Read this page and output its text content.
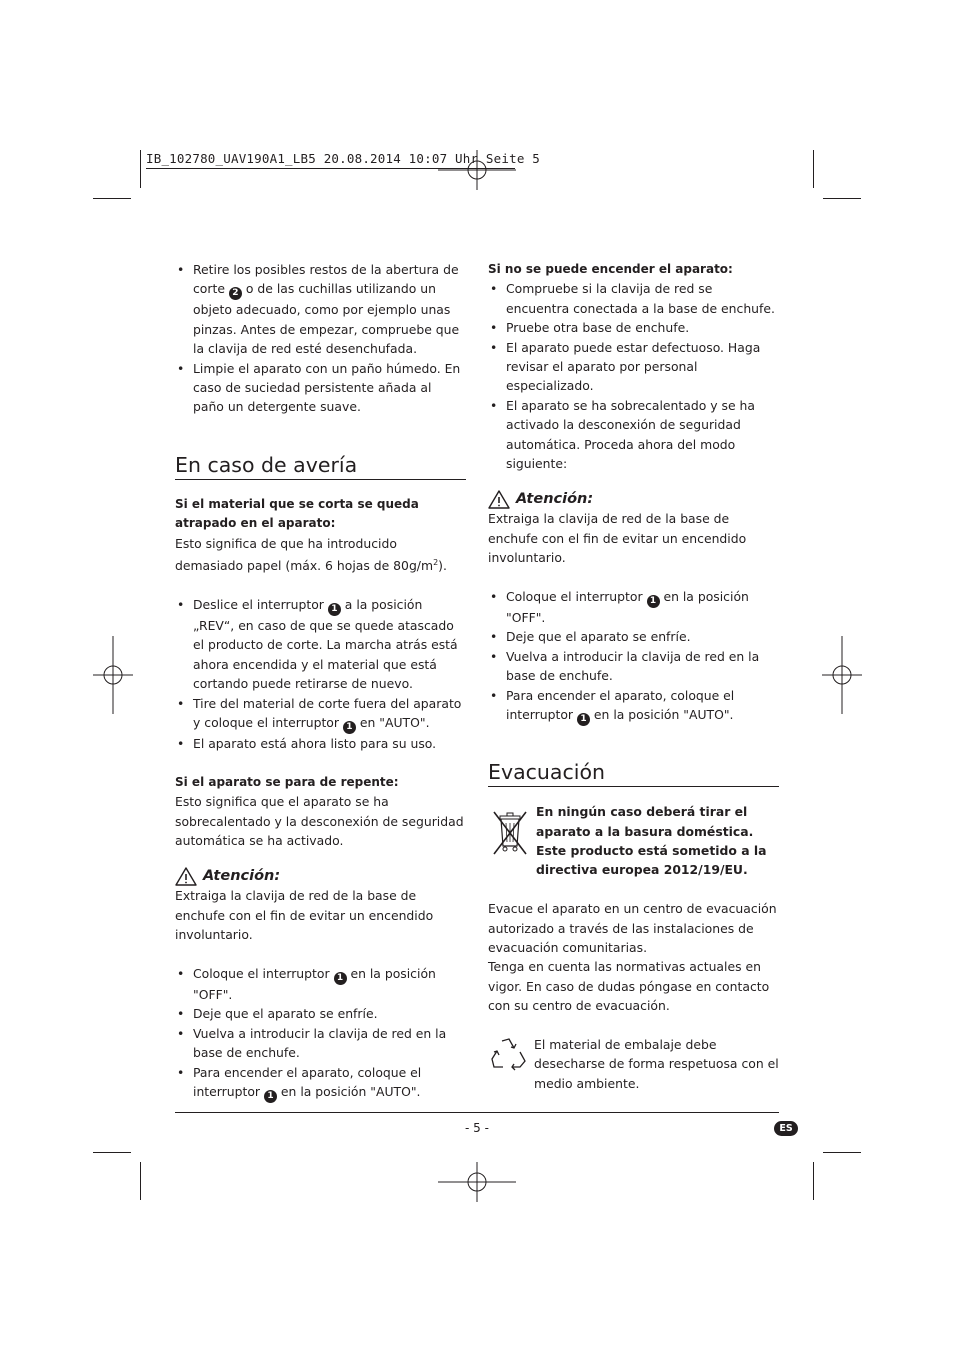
IB_102780_UAV190A1_LB5 20.08.2014 10:07 Uhr Seite 5
• Retire los posibles restos de la abertura de corte 2 o de las cuchillas utilizando un objeto adecuado, como por ejemplo unas pinzas. Antes de empezar, compruebe que la clavija de red esté desenchufada.
• Limpie el aparato con un paño húmedo. En caso de suciedad persistente añada al paño un detergente suave.
En caso de avería

Si el material que se corta se queda atrapado en el aparato:

Esto significa de que ha introducido demasiado papel (máx. 6 hojas de $80g/m^2$).

• Deslice el interruptor 1 a la posición „REV“, en caso de que se quede atascado el producto de corte. La marcha atrás está ahora encendida y el material que está cortando puede retirarse de nuevo.
• Tire del material de corte fuera del aparato y coloque el interruptor 1 en "AUTO".
• El aparato está ahora listo para su uso.

Si el aparato se para de repente:

Esto significa que el aparato se ha sobrecalentado y la desconexión de seguridad automática se ha activado.

Atención:

Extraiga la clavija de red de la base de enchufe con el fin de evitar un encendido involuntario.

• Coloque el interruptor 1 en la posición "OFF".
• Deje que el aparato se enfríe.
• Vuelva a introducir la clavija de red en la base de enchufe.
• Para encender el aparato, coloque el interruptor 1 en la posición "AUTO".

Si no se puede encender el aparato:

• Compruebe si la clavija de red se encuentra conectada a la base de enchufe.
• Pruebe otra base de enchufe.
• El aparato puede estar defectuoso. Haga revisar el aparato por personal especializado.
• El aparato se ha sobrecalentado y se ha activado la desconexión de seguridad automática. Proceda ahora del modo siguiente:
Atención:

Extraiga la clavija de red de la base de enchufe con el fin de evitar un encendido involuntario.

• Coloque el interruptor 1 en la posición "OFF".
• Deje que el aparato se enfríe.
• Vuelva a introducir la clavija de red en la base de enchufe.
• Para encender el aparato, coloque el interruptor 1 en la posición "AUTO".
Evacuación

En ningún caso deberá tirar el aparato a la basura doméstica. Este producto está sometido a la directiva europea 2012/19/EU.

Evacue el aparato en un centro de evacuación autorizado a través de las instalaciones de evacuación comunitarias.

Tenga en cuenta las normativas actuales en vigor. En caso de dudas póngase en contacto con su centro de evacuación.

El material de embalaje debe desecharse de forma respetuosa con el medio ambiente.

- 5 -	ES
